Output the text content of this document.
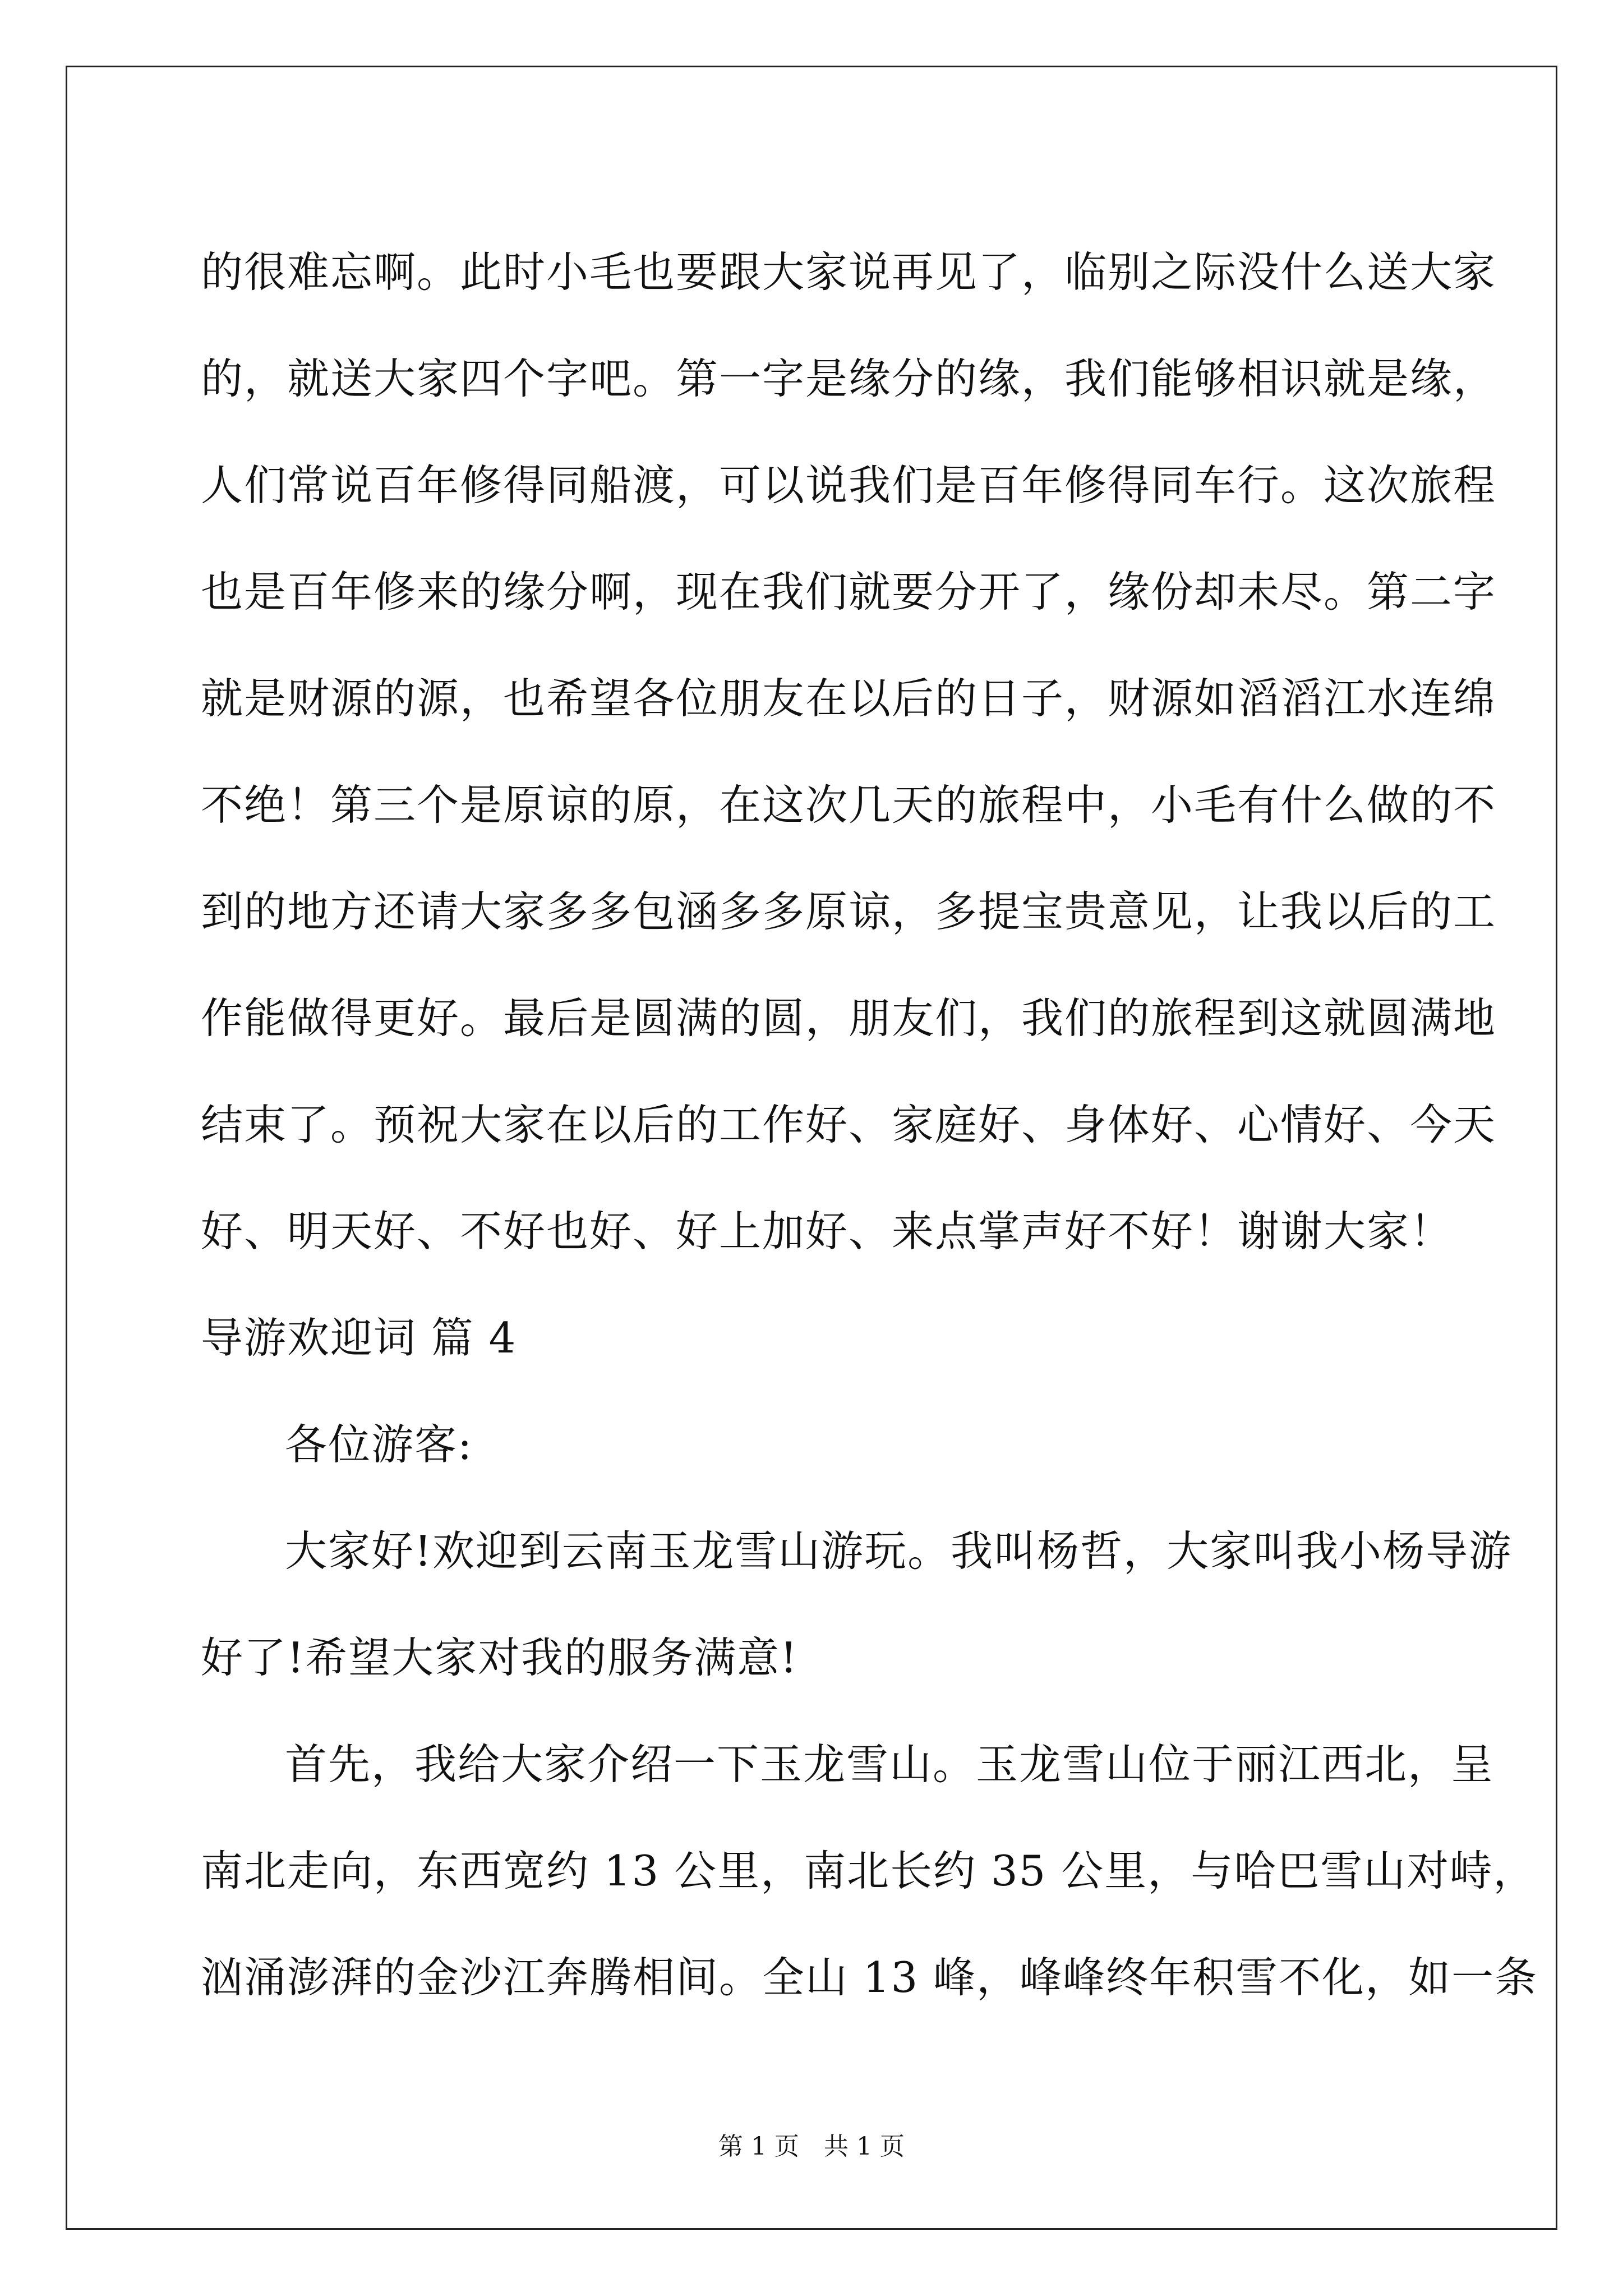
的很难忘啊。此时小毛也要跟大家说再见了，临别之际没什么送大家
的，就送大家四个字吧。第一字是缘分的缘，我们能够相识就是缘，
人们常说百年修得同船渡，可以说我们是百年修得同车行。这次旅程
也是百年修来的缘分啊，现在我们就要分开了，缘份却未尽。第二字
就是财源的源，也希望各位朋友在以后的日子，财源如滔滔江水连绵
不绝！第三个是原谅的原，在这次几天的旅程中，小毛有什么做的不
到的地方还请大家多多包涵多多原谅，多提宝贵意见，让我以后的工
作能做得更好。最后是圆满的圆，朋友们，我们的旅程到这就圆满地
结束了。预祝大家在以后的工作好、家庭好、身体好、心情好、今天
好、明天好、不好也好、好上加好、来点掌声好不好！谢谢大家！
导游欢迎词 篇 4
各位游客:
大家好!欢迎到云南玉龙雪山游玩。我叫杨哲，大家叫我小杨导游
好了!希望大家对我的服务满意!
首先，我给大家介绍一下玉龙雪山。玉龙雪山位于丽江西北，呈
南北走向，东西宽约 13 公里，南北长约 35 公里，与哈巴雪山对峙，
汹涌澎湃的金沙江奔腾相间。全山 13 峰，峰峰终年积雪不化，如一条
第 1 页　共 1 页
